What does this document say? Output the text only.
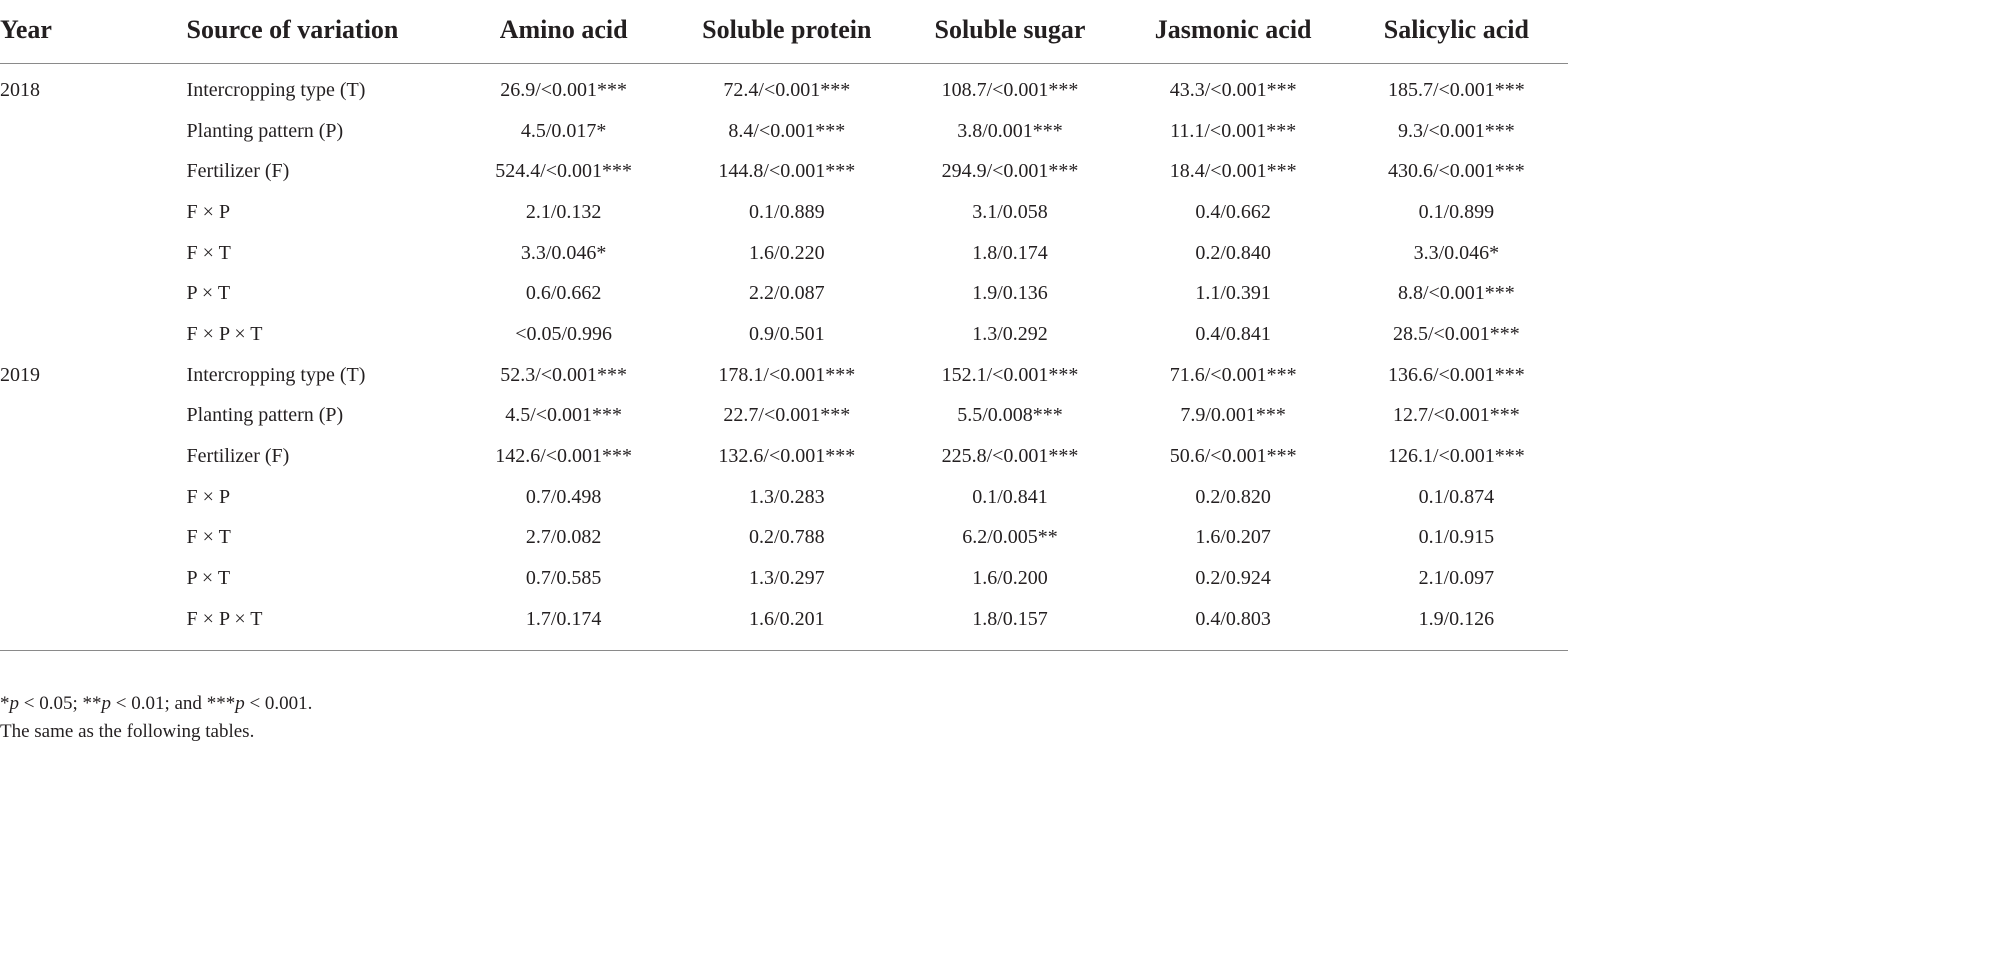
Year	Source of variation	Amino acid	Soluble protein	Soluble sugar	Jasmonic acid	Salicylic acid
2018	Intercropping type (T)	26.9/<0.001***	72.4/<0.001***	108.7/<0.001***	43.3/<0.001***	185.7/<0.001***
	Planting pattern (P)	4.5/0.017*	8.4/<0.001***	3.8/0.001***	11.1/<0.001***	9.3/<0.001***
	Fertilizer (F)	524.4/<0.001***	144.8/<0.001***	294.9/<0.001***	18.4/<0.001***	430.6/<0.001***
	F × P	2.1/0.132	0.1/0.889	3.1/0.058	0.4/0.662	0.1/0.899
	F × T	3.3/0.046*	1.6/0.220	1.8/0.174	0.2/0.840	3.3/0.046*
	P × T	0.6/0.662	2.2/0.087	1.9/0.136	1.1/0.391	8.8/<0.001***
	F × P × T	<0.05/0.996	0.9/0.501	1.3/0.292	0.4/0.841	28.5/<0.001***
2019	Intercropping type (T)	52.3/<0.001***	178.1/<0.001***	152.1/<0.001***	71.6/<0.001***	136.6/<0.001***
	Planting pattern (P)	4.5/<0.001***	22.7/<0.001***	5.5/0.008***	7.9/0.001***	12.7/<0.001***
	Fertilizer (F)	142.6/<0.001***	132.6/<0.001***	225.8/<0.001***	50.6/<0.001***	126.1/<0.001***
	F × P	0.7/0.498	1.3/0.283	0.1/0.841	0.2/0.820	0.1/0.874
	F × T	2.7/0.082	0.2/0.788	6.2/0.005**	1.6/0.207	0.1/0.915
	P × T	0.7/0.585	1.3/0.297	1.6/0.200	0.2/0.924	2.1/0.097
	F × P × T	1.7/0.174	1.6/0.201	1.8/0.157	0.4/0.803	1.9/0.126
*p < 0.05; **p < 0.01; and ***p < 0.001.
The same as the following tables.
